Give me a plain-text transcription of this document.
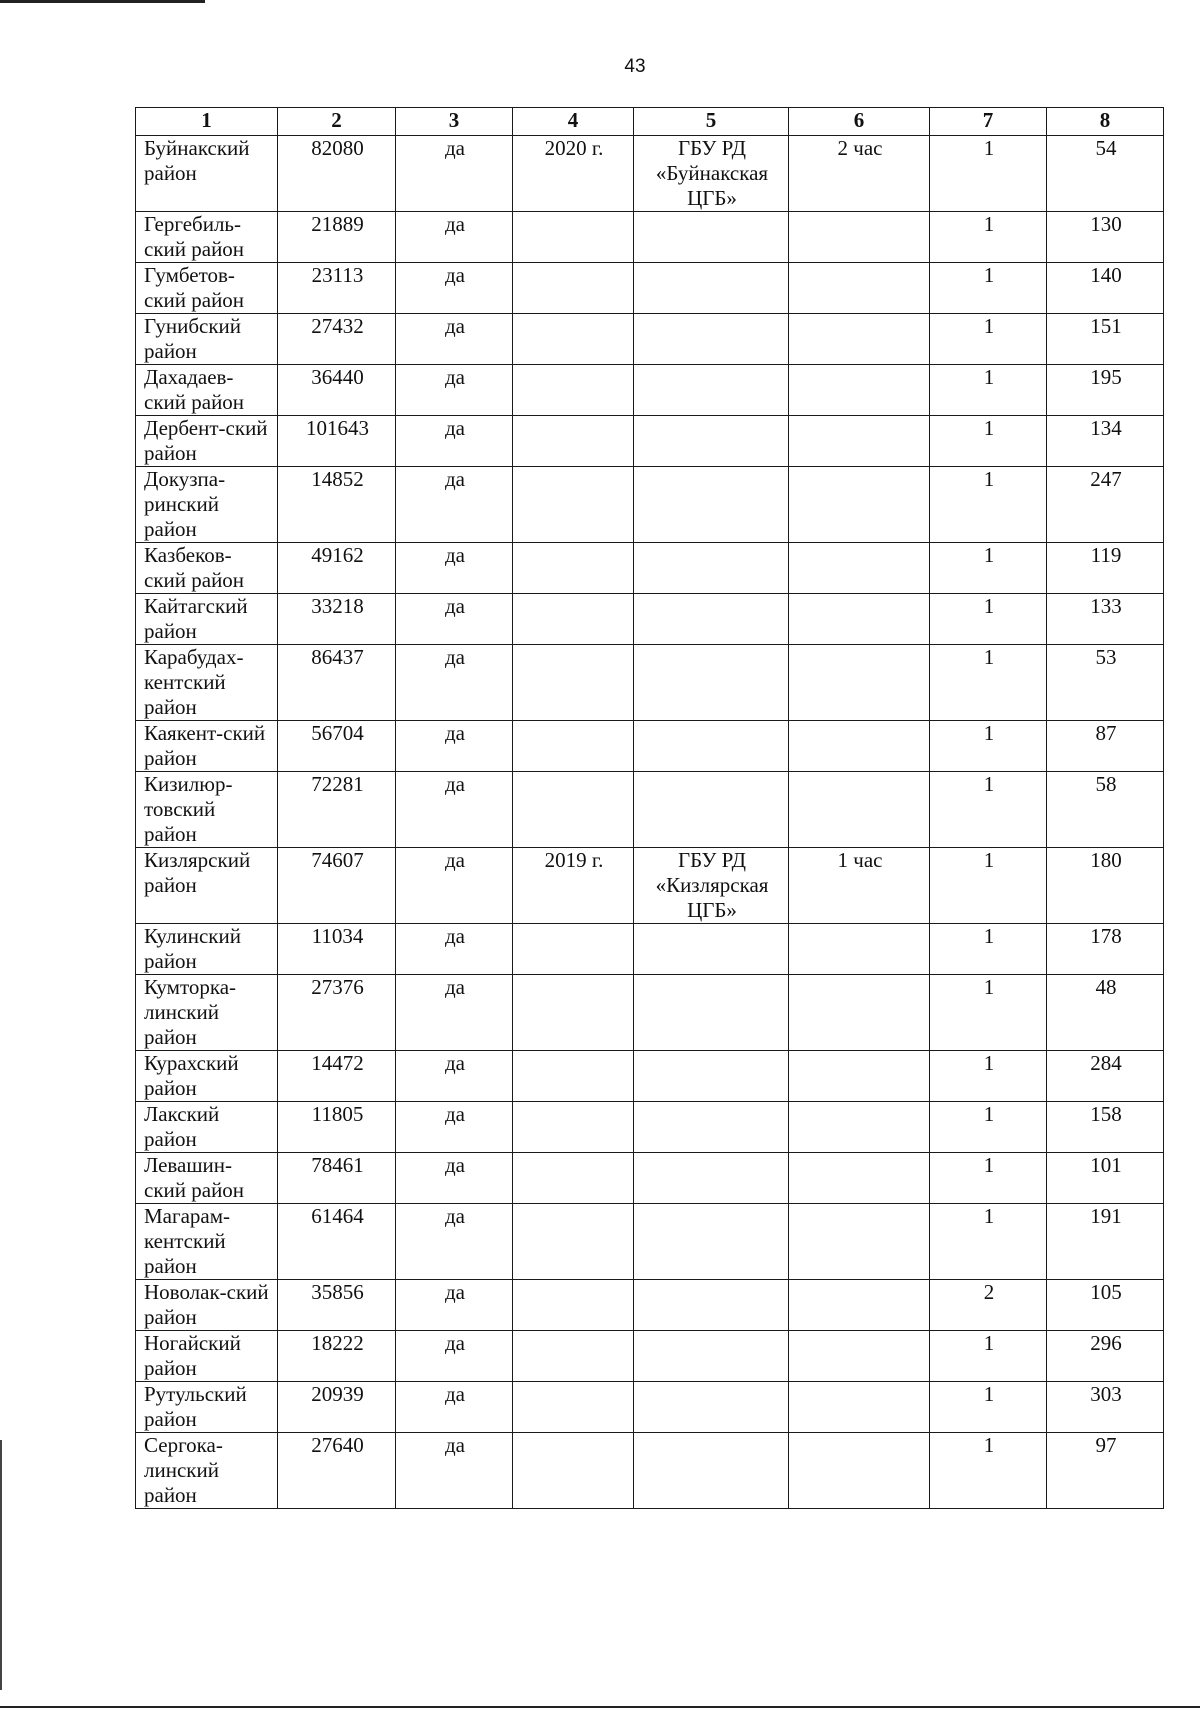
43
1	2	3	4	5	6	7	8
Буйнакский район	82080	да	2020 г.	ГБУ РД «Буйнакская ЦГБ»	2 час	1	54
Гергебиль-ский район	21889	да				1	130
Гумбетов-ский район	23113	да				1	140
Гунибский район	27432	да				1	151
Дахадаев-ский район	36440	да				1	195
Дербент-ский район	101643	да				1	134
Докузпа-ринский район	14852	да				1	247
Казбеков-ский район	49162	да				1	119
Кайтагский район	33218	да				1	133
Карабудах-кентский район	86437	да				1	53
Каякент-ский район	56704	да				1	87
Кизилюр-товский район	72281	да				1	58
Кизлярский район	74607	да	2019 г.	ГБУ РД «Кизлярская ЦГБ»	1 час	1	180
Кулинский район	11034	да				1	178
Кумторка-линский район	27376	да				1	48
Курахский район	14472	да				1	284
Лакский район	11805	да				1	158
Левашин-ский район	78461	да				1	101
Магарам-кентский район	61464	да				1	191
Новолак-ский район	35856	да				2	105
Ногайский район	18222	да				1	296
Рутульский район	20939	да				1	303
Сергока-линский район	27640	да				1	97
